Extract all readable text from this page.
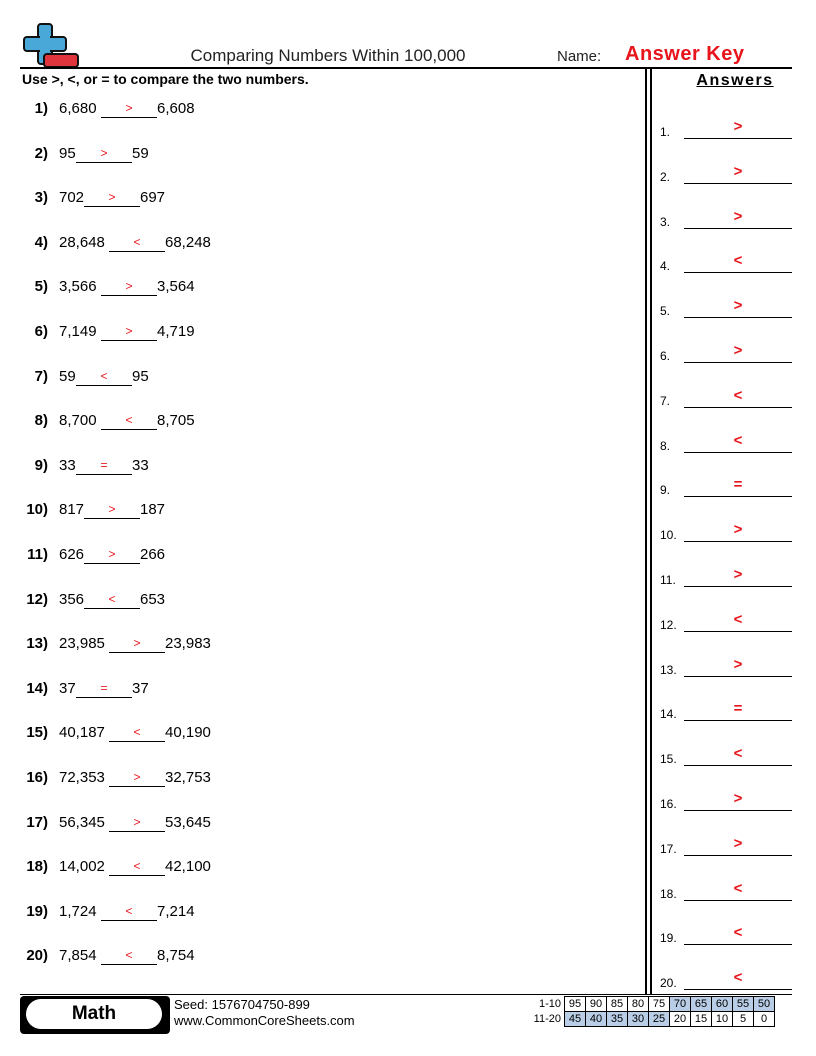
Comparing Numbers Within 100,000	Name: Answer Key
Use >, <, or = to compare the two numbers.	Answers
1) 6,680	>	6,608
2) 95	>	59
3) 702	>	697
4) 28,648	<	68,248
5) 3,566	>	3,564
6) 7,149	>	4,719
7) 59	<	95
8) 8,700	<	8,705
9) 33	=	33
10) 817	>	187
11) 626	>	266
12) 356	<	653
13) 23,985	>	23,983
14) 37	=	37
15) 40,187	<	40,190
16) 72,353	>	32,753
17) 56,345	>	53,645
18) 14,002	<	42,100
19) 1,724	<	7,214
20) 7,854	<	8,754
1.	>
2.	>
3.	>
4.	<
5.	>
6.	>
7.	<
8.	<
9.	=
10.	>
11.	>
12.	<
13.	>
14.	=
15.	<
16.	>
17.	>
18.	<
19.	<
20.	<
Math	Seed: 1576704750-899
www.CommonCoreSheets.com
1-10	95	90	85	80	75	70	65	60	55	50
11-20	45	40	35	30	25	20	15	10	5	0
